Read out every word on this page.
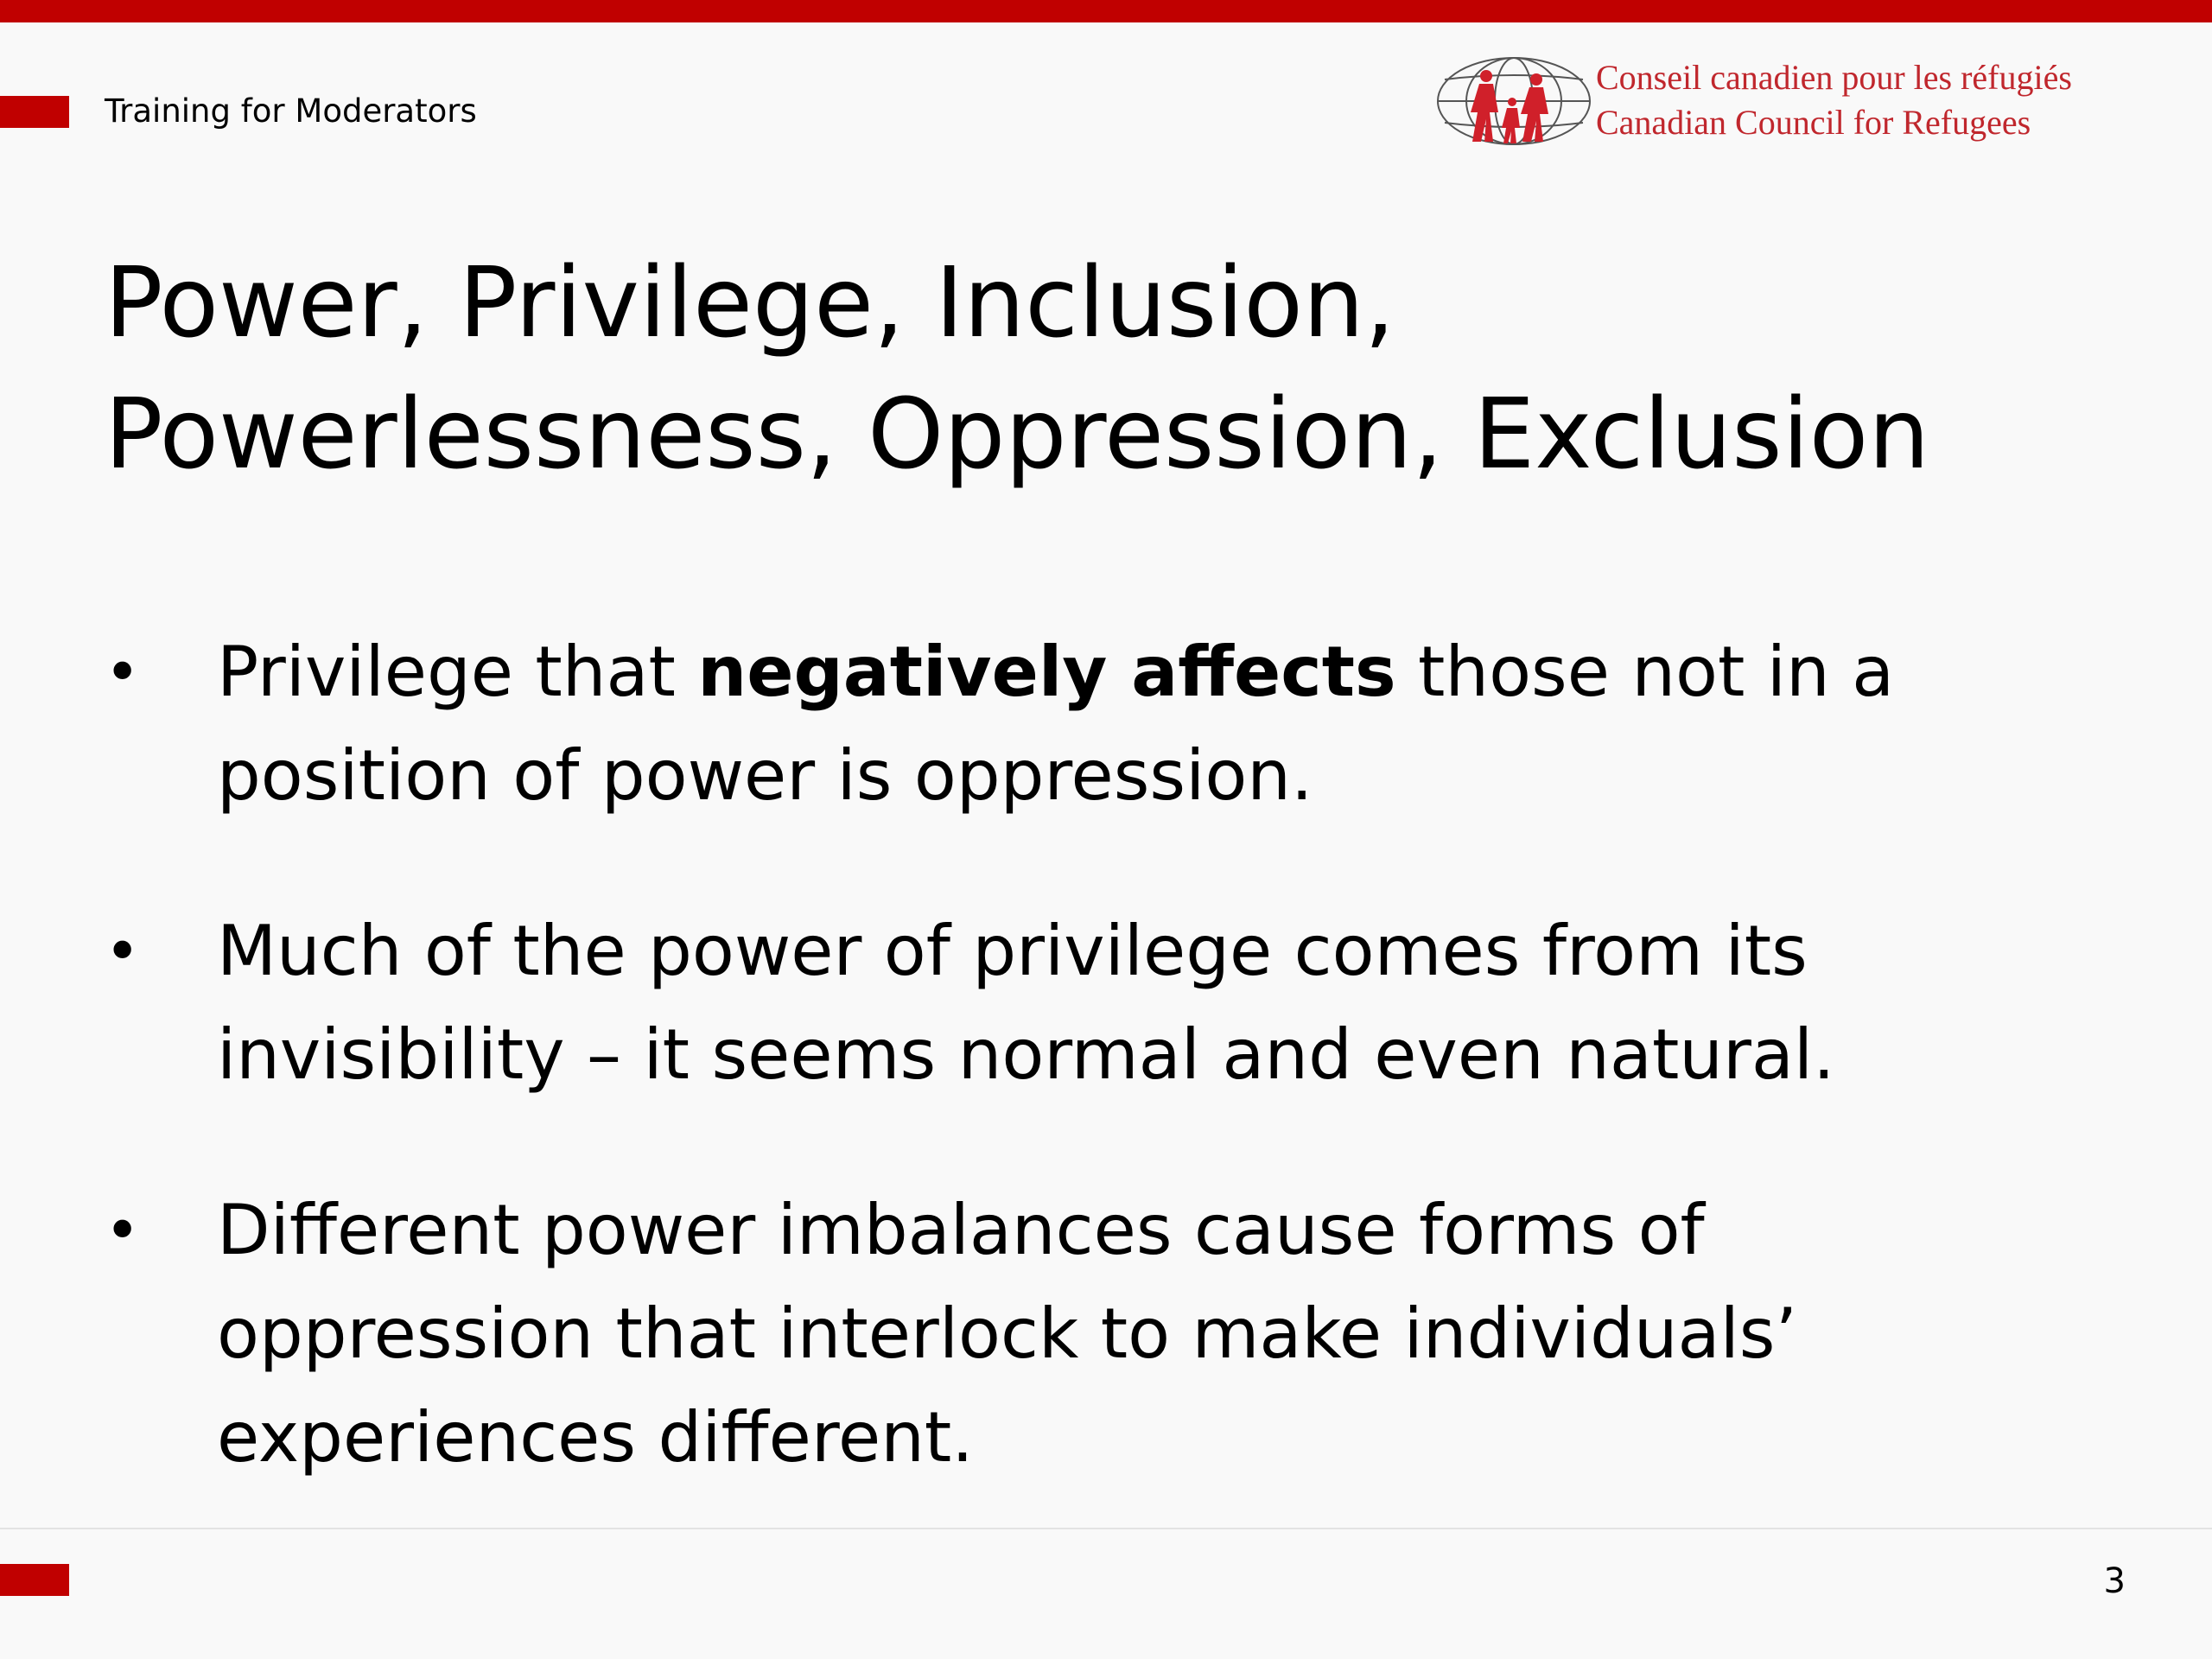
Training for Moderators
Conseil canadien pour les réfugiés
Canadian Council for Refugees
Power, Privilege, Inclusion,
Powerlessness, Oppression, Exclusion
• Privilege that negatively affects those not in a
position of power is oppression.
• Much of the power of privilege comes from its
invisibility – it seems normal and even natural.
• Different power imbalances cause forms of
oppression that interlock to make individuals’
experiences different.
3
